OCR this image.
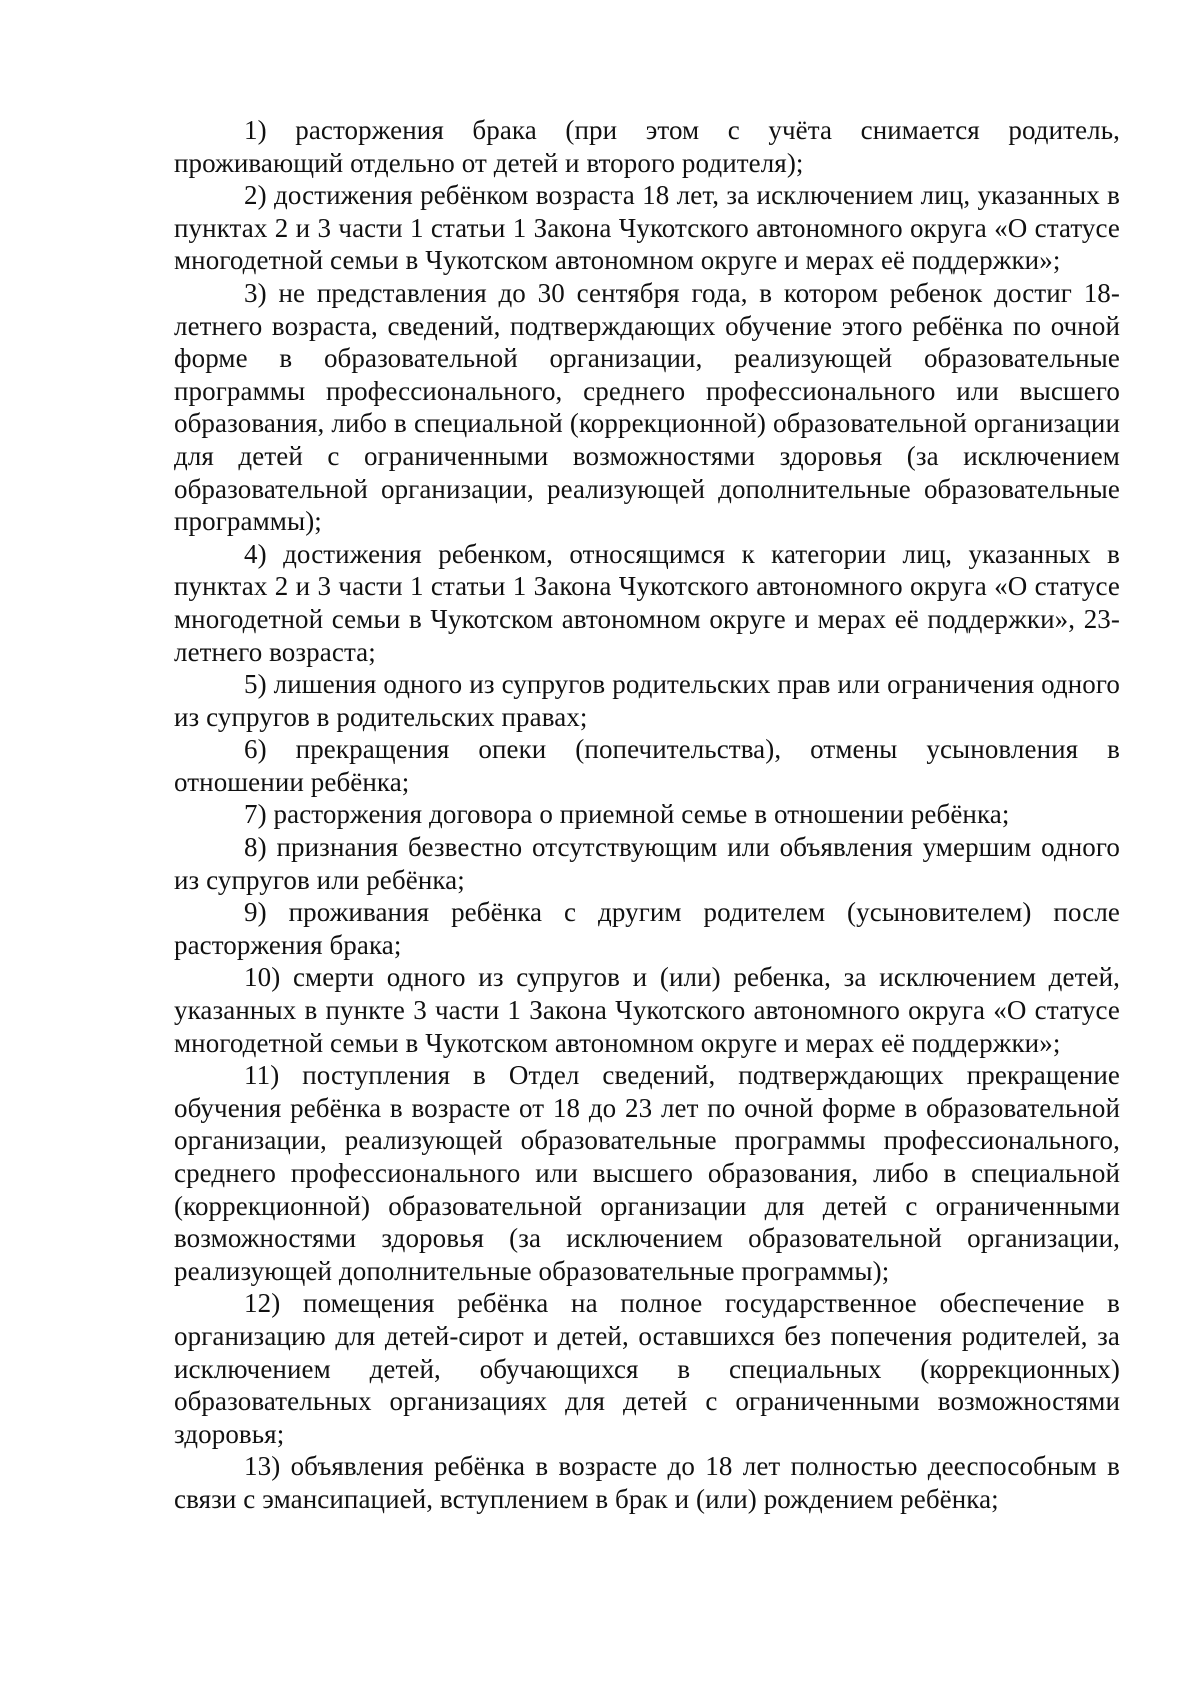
1) расторжения брака (при этом с учёта снимается родитель, проживающий отдельно от детей и второго родителя);

2) достижения ребёнком возраста 18 лет, за исключением лиц, указанных в пунктах 2 и 3 части 1 статьи 1 Закона Чукотского автономного округа «О статусе многодетной семьи в Чукотском автономном округе и мерах её поддержки»;

3) не представления до 30 сентября года, в котором ребенок достиг 18-летнего возраста, сведений, подтверждающих обучение этого ребёнка по очной форме в образовательной организации, реализующей образовательные программы профессионального, среднего профессионального или высшего образования, либо в специальной (коррекционной) образовательной организации для детей с ограниченными возможностями здоровья (за исключением образовательной организации, реализующей дополнительные образовательные программы);

4) достижения ребенком, относящимся к категории лиц, указанных в пунктах 2 и 3 части 1 статьи 1 Закона Чукотского автономного округа «О статусе многодетной семьи в Чукотском автономном округе и мерах её поддержки», 23-летнего возраста;

5) лишения одного из супругов родительских прав или ограничения одного из супругов в родительских правах;

6) прекращения опеки (попечительства), отмены усыновления в отношении ребёнка;

7) расторжения договора о приемной семье в отношении ребёнка;

8) признания безвестно отсутствующим или объявления умершим одного из супругов или ребёнка;

9) проживания ребёнка с другим родителем (усыновителем) после расторжения брака;

10) смерти одного из супругов и (или) ребенка, за исключением детей, указанных в пункте 3 части 1 Закона Чукотского автономного округа «О статусе многодетной семьи в Чукотском автономном округе и мерах её поддержки»;

11) поступления в Отдел сведений, подтверждающих прекращение обучения ребёнка в возрасте от 18 до 23 лет по очной форме в образовательной организации, реализующей образовательные программы профессионального, среднего профессионального или высшего образования, либо в специальной (коррекционной) образовательной организации для детей с ограниченными возможностями здоровья (за исключением образовательной организации, реализующей дополнительные образовательные программы);

12) помещения ребёнка на полное государственное обеспечение в организацию для детей-сирот и детей, оставшихся без попечения родителей, за исключением детей, обучающихся в специальных (коррекционных) образовательных организациях для детей с ограниченными возможностями здоровья;

13) объявления ребёнка в возрасте до 18 лет полностью дееспособным в связи с эмансипацией, вступлением в брак и (или) рождением ребёнка;
